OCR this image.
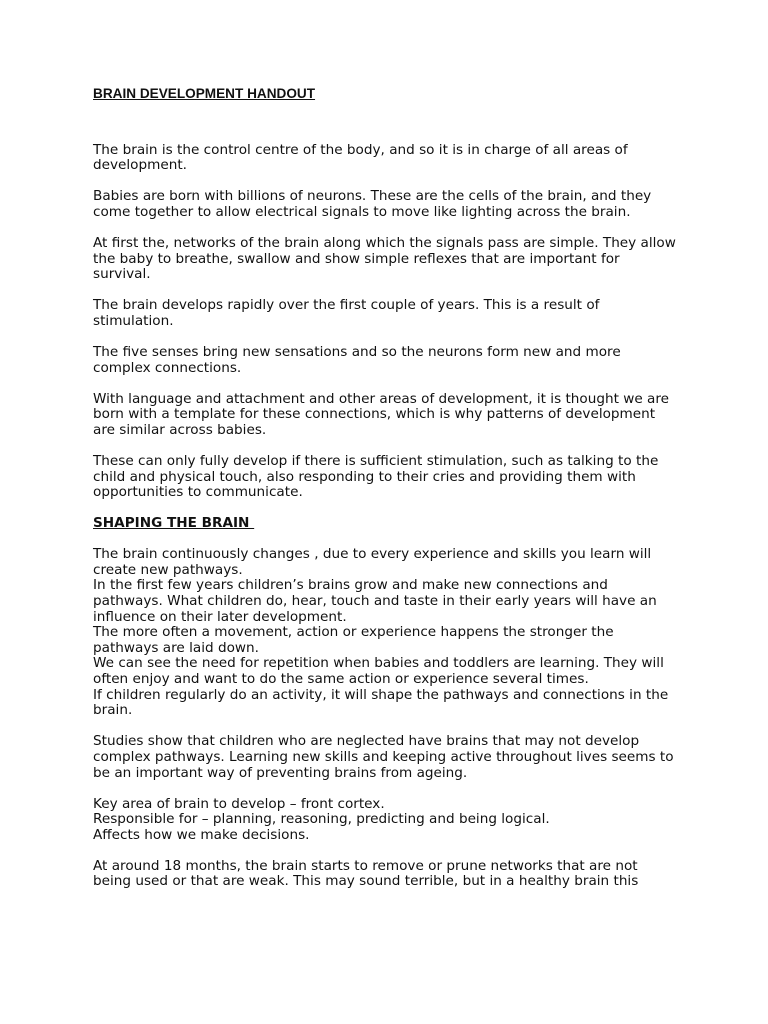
BRAIN DEVELOPMENT HANDOUT

The brain is the control centre of the body, and so it is in charge of all areas of development.

Babies are born with billions of neurons. These are the cells of the brain, and they come together to allow electrical signals to move like lighting across the brain.

At first the, networks of the brain along which the signals pass are simple. They allow the baby to breathe, swallow and show simple reflexes that are important for survival.

The brain develops rapidly over the first couple of years. This is a result of stimulation.

The five senses bring new sensations and so the neurons form new and more complex connections.

With language and attachment and other areas of development, it is thought we are born with a template for these connections, which is why patterns of development are similar across babies.

These can only fully develop if there is sufficient stimulation, such as talking to the child and physical touch, also responding to their cries and providing them with opportunities to communicate.

SHAPING THE BRAIN

The brain continuously changes , due to every experience and skills you learn will create new pathways.

In the first few years children’s brains grow and make new connections and pathways. What children do, hear, touch and taste in their early years will have an influence on their later development.

The more often a movement, action or experience happens the stronger the pathways are laid down.

We can see the need for repetition when babies and toddlers are learning. They will often enjoy and want to do the same action or experience several times.

If children regularly do an activity, it will shape the pathways and connections in the brain.

Studies show that children who are neglected have brains that may not develop complex pathways. Learning new skills and keeping active throughout lives seems to be an important way of preventing brains from ageing.

Key area of brain to develop – front cortex.

Responsible for – planning, reasoning, predicting and being logical.

Affects how we make decisions.

At around 18 months, the brain starts to remove or prune networks that are not being used or that are weak. This may sound terrible, but in a healthy brain this
